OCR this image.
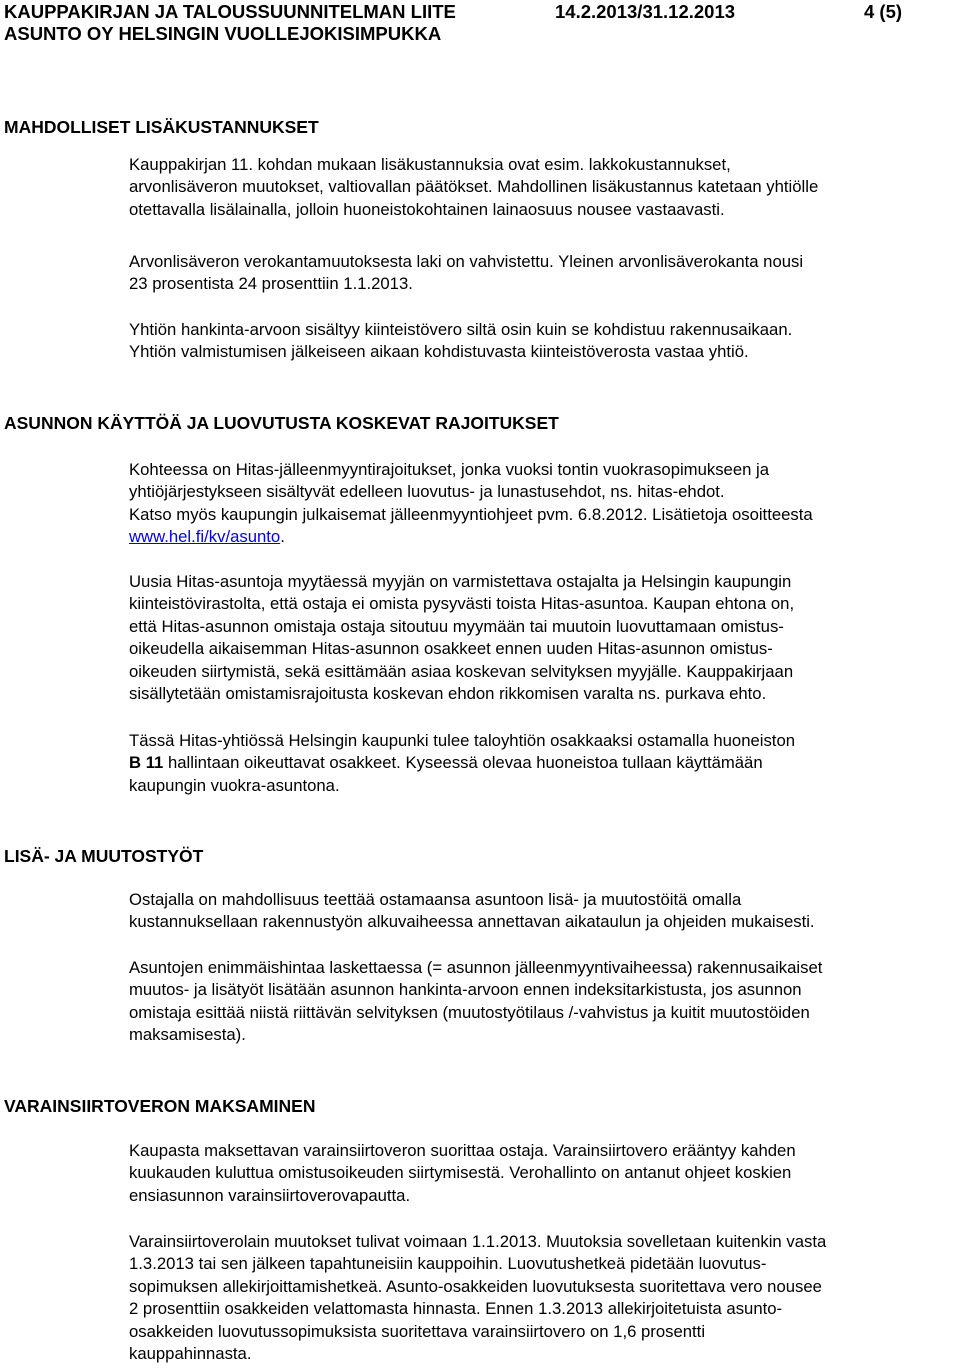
KAUPPAKIRJAN JA TALOUSSUUNNITELMAN LIITE	14.2.2013/31.12.2013	4 (5)
ASUNTO OY HELSINGIN VUOLLEJOKISIMPUKKA
MAHDOLLISET LISÄKUSTANNUKSET
Kauppakirjan 11. kohdan mukaan lisäkustannuksia ovat esim. lakkokustannukset,
arvonlisäveron muutokset, valtiovallan päätökset. Mahdollinen lisäkustannus katetaan yhtiölle
otettavalla lisälainalla, jolloin huoneistokohtainen lainaosuus nousee vastaavasti.
Arvonlisäveron verokantamuutoksesta laki on vahvistettu. Yleinen arvonlisäverokanta nousi
23 prosentista 24 prosenttiin 1.1.2013.
Yhtiön hankinta-arvoon sisältyy kiinteistövero siltä osin kuin se kohdistuu rakennusaikaan.
Yhtiön valmistumisen jälkeiseen aikaan kohdistuvasta kiinteistöverosta vastaa yhtiö.
ASUNNON KÄYTTÖÄ JA LUOVUTUSTA KOSKEVAT RAJOITUKSET
Kohteessa on Hitas-jälleenmyyntirajoitukset, jonka vuoksi tontin vuokrasopimukseen ja
yhtiöjärjestykseen sisältyvät edelleen luovutus- ja lunastusehdot, ns. hitas-ehdot.
Katso myös kaupungin julkaisemat jälleenmyyntiohjeet pvm. 6.8.2012. Lisätietoja osoitteesta
www.hel.fi/kv/asunto.
Uusia Hitas-asuntoja myytäessä myyjän on varmistettava ostajalta ja Helsingin kaupungin
kiinteistövirastolta, että ostaja ei omista pysyvästi toista Hitas-asuntoa. Kaupan ehtona on,
että Hitas-asunnon omistaja ostaja sitoutuu myymään tai muutoin luovuttamaan omistus-
oikeudella aikaisemman Hitas-asunnon osakkeet ennen uuden Hitas-asunnon omistus-
oikeuden siirtymistä, sekä esittämään asiaa koskevan selvityksen myyjälle. Kauppakirjaan
sisällytetään omistamisrajoitusta koskevan ehdon rikkomisen varalta ns. purkava ehto.
Tässä Hitas-yhtiössä Helsingin kaupunki tulee taloyhtiön osakkaaksi ostamalla huoneiston
B 11 hallintaan oikeuttavat osakkeet. Kyseessä olevaa huoneistoa tullaan käyttämään
kaupungin vuokra-asuntona.
LISÄ- JA MUUTOSTYÖT
Ostajalla on mahdollisuus teettää ostamaansa asuntoon lisä- ja muutostöitä omalla
kustannuksellaan rakennustyön alkuvaiheessa annettavan aikataulun ja ohjeiden mukaisesti.
Asuntojen enimmäishintaa laskettaessa (= asunnon jälleenmyyntivaiheessa) rakennusaikaiset
muutos- ja lisätyöt lisätään asunnon hankinta-arvoon ennen indeksitarkistusta, jos asunnon
omistaja esittää niistä riittävän selvityksen (muutostyötilaus /-vahvistus ja kuitit muutostöiden
maksamisesta).
VARAINSIIRTOVERON MAKSAMINEN
Kaupasta maksettavan varainsiirtoveron suorittaa ostaja. Varainsiirtovero erääntyy kahden
kuukauden kuluttua omistusoikeuden siirtymisestä. Verohallinto on antanut ohjeet koskien
ensiasunnon varainsiirtoverovapautta.
Varainsiirtoverolain muutokset tulivat voimaan 1.1.2013. Muutoksia sovelletaan kuitenkin vasta
1.3.2013 tai sen jälkeen tapahtuneisiin kauppoihin. Luovutushetkeä pidetään luovutus-
sopimuksen allekirjoittamishetkeä. Asunto-osakkeiden luovutuksesta suoritettava vero nousee
2 prosenttiin osakkeiden velattomasta hinnasta. Ennen 1.3.2013 allekirjoitetuista asunto-
osakkeiden luovutussopimuksista suoritettava varainsiirtovero on 1,6 prosentti
kauppahinnasta.
